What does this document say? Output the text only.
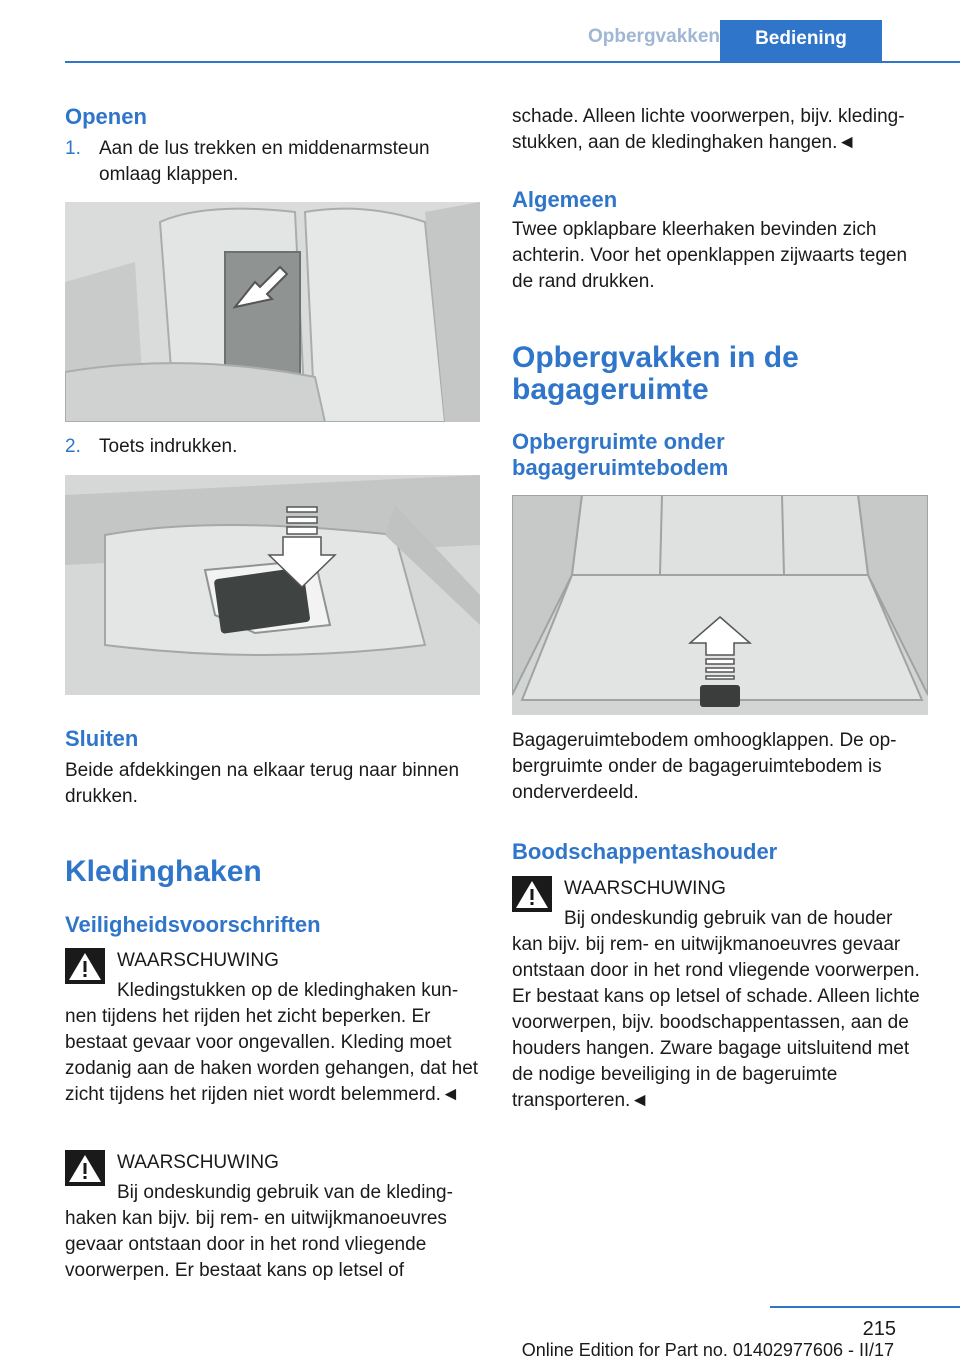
Opbergvakken	Bediening
Openen
1. Aan de lus trekken en middenarmsteun omlaag klappen.
2. Toets indrukken.
Sluiten
Beide afdekkingen na elkaar terug naar binnen drukken.
Kledinghaken
Veiligheidsvoorschriften
WAARSCHUWING
Kledingstukken op de kledinghaken kunnen tijdens het rijden het zicht beperken. Er bestaat gevaar voor ongevallen. Kleding moet zodanig aan de haken worden gehangen, dat het zicht tijdens het rijden niet wordt belemmerd.◄
WAARSCHUWING
Bij ondeskundig gebruik van de kledinghaken kan bijv. bij rem- en uitwijkmanoeuvres gevaar ontstaan door in het rond vliegende voorwerpen. Er bestaat kans op letsel of
schade. Alleen lichte voorwerpen, bijv. kledingstukken, aan de kledinghaken hangen.◄
Algemeen
Twee opklapbare kleerhaken bevinden zich achterin. Voor het openklappen zijwaarts tegen de rand drukken.
Opbergvakken in de bagageruimte
Opbergruimte onder bagageruimtebodem
Bagageruimtebodem omhoogklappen. De opbergruimte onder de bagageruimtebodem is onderverdeeld.
Boodschappentashouder
WAARSCHUWING
Bij ondeskundig gebruik van de houder kan bijv. bij rem- en uitwijkmanoeuvres gevaar ontstaan door in het rond vliegende voorwerpen. Er bestaat kans op letsel of schade. Alleen lichte voorwerpen, bijv. boodschappentassen, aan de houders hangen. Zware bagage uitsluitend met de nodige beveiliging in de bageruimte transporteren.◄
215
Online Edition for Part no. 01402977606 - II/17
